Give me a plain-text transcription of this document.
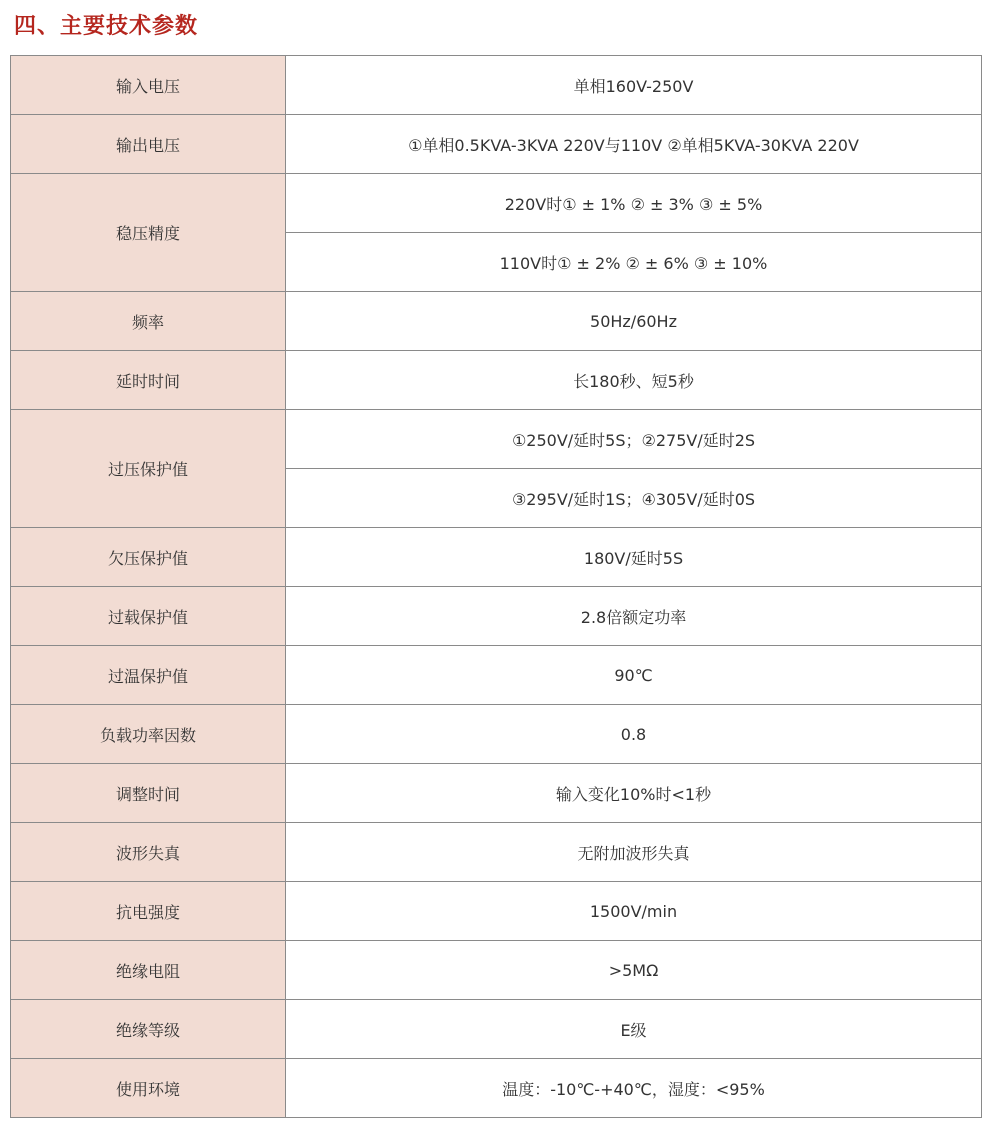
四、主要技术参数
输入电压	单相160V-250V
输出电压	①单相0.5KVA-3KVA 220V与110V ②单相5KVA-30KVA 220V
稳压精度	220V时① ± 1% ② ± 3% ③ ± 5%
	110V时① ± 2% ② ± 6% ③ ± 10%
频率	50Hz/60Hz
延时时间	长180秒、短5秒
过压保护值	①250V/延时5S；②275V/延时2S
	③295V/延时1S；④305V/延时0S
欠压保护值	180V/延时5S
过载保护值	2.8倍额定功率
过温保护值	90℃
负载功率因数	0.8
调整时间	输入变化10%时<1秒
波形失真	无附加波形失真
抗电强度	1500V/min
绝缘电阻	>5MΩ
绝缘等级	E级
使用环境	温度：-10℃-+40℃，湿度：<95%
